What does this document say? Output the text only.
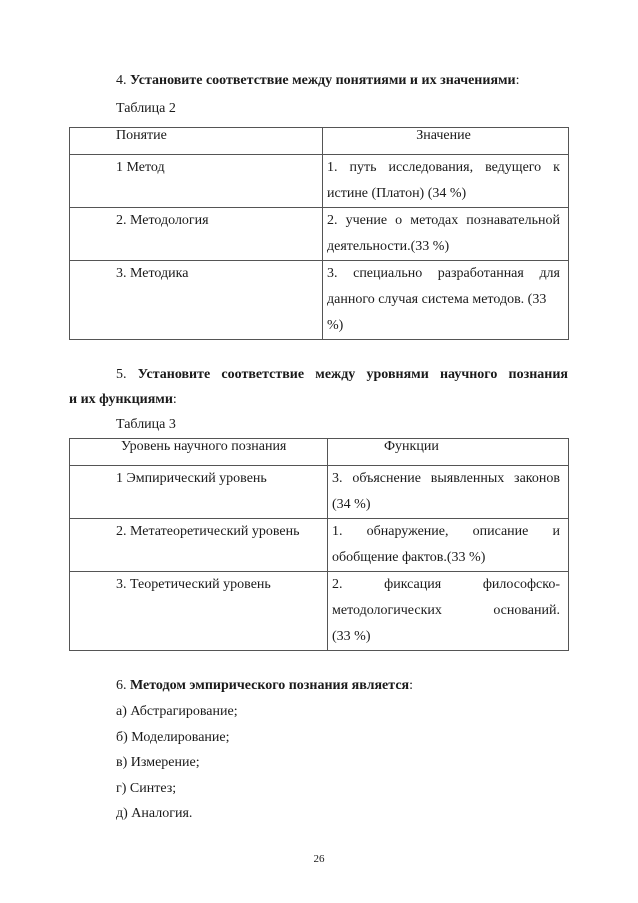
4. Установите соответствие между понятиями и их значениями:
Таблица 2
Понятие	Значение

1 Метод	1. путь исследования, ведущего к
истине (Платон) (34 %)

2. Методология	2. учение о методах познавательной
деятельности.(33 %)

3. Методика	3. специально разработанная для
данного случая система методов. (33
%)
5. Установите соответствие между уровнями научного познания
и их функциями:
Таблица 3
Уровень научного познания	Функции

1 Эмпирический уровень	3. объяснение выявленных законов
(34 %)

2. Метатеоретический уровень	1. обнаружение, описание и
обобщение фактов.(33 %)

3. Теоретический уровень	2. фиксация философско-
методологических оснований.
(33 %)
6. Методом эмпирического познания является:
а) Абстрагирование;
б) Моделирование;
в) Измерение;
г) Синтез;
д) Аналогия.
26
